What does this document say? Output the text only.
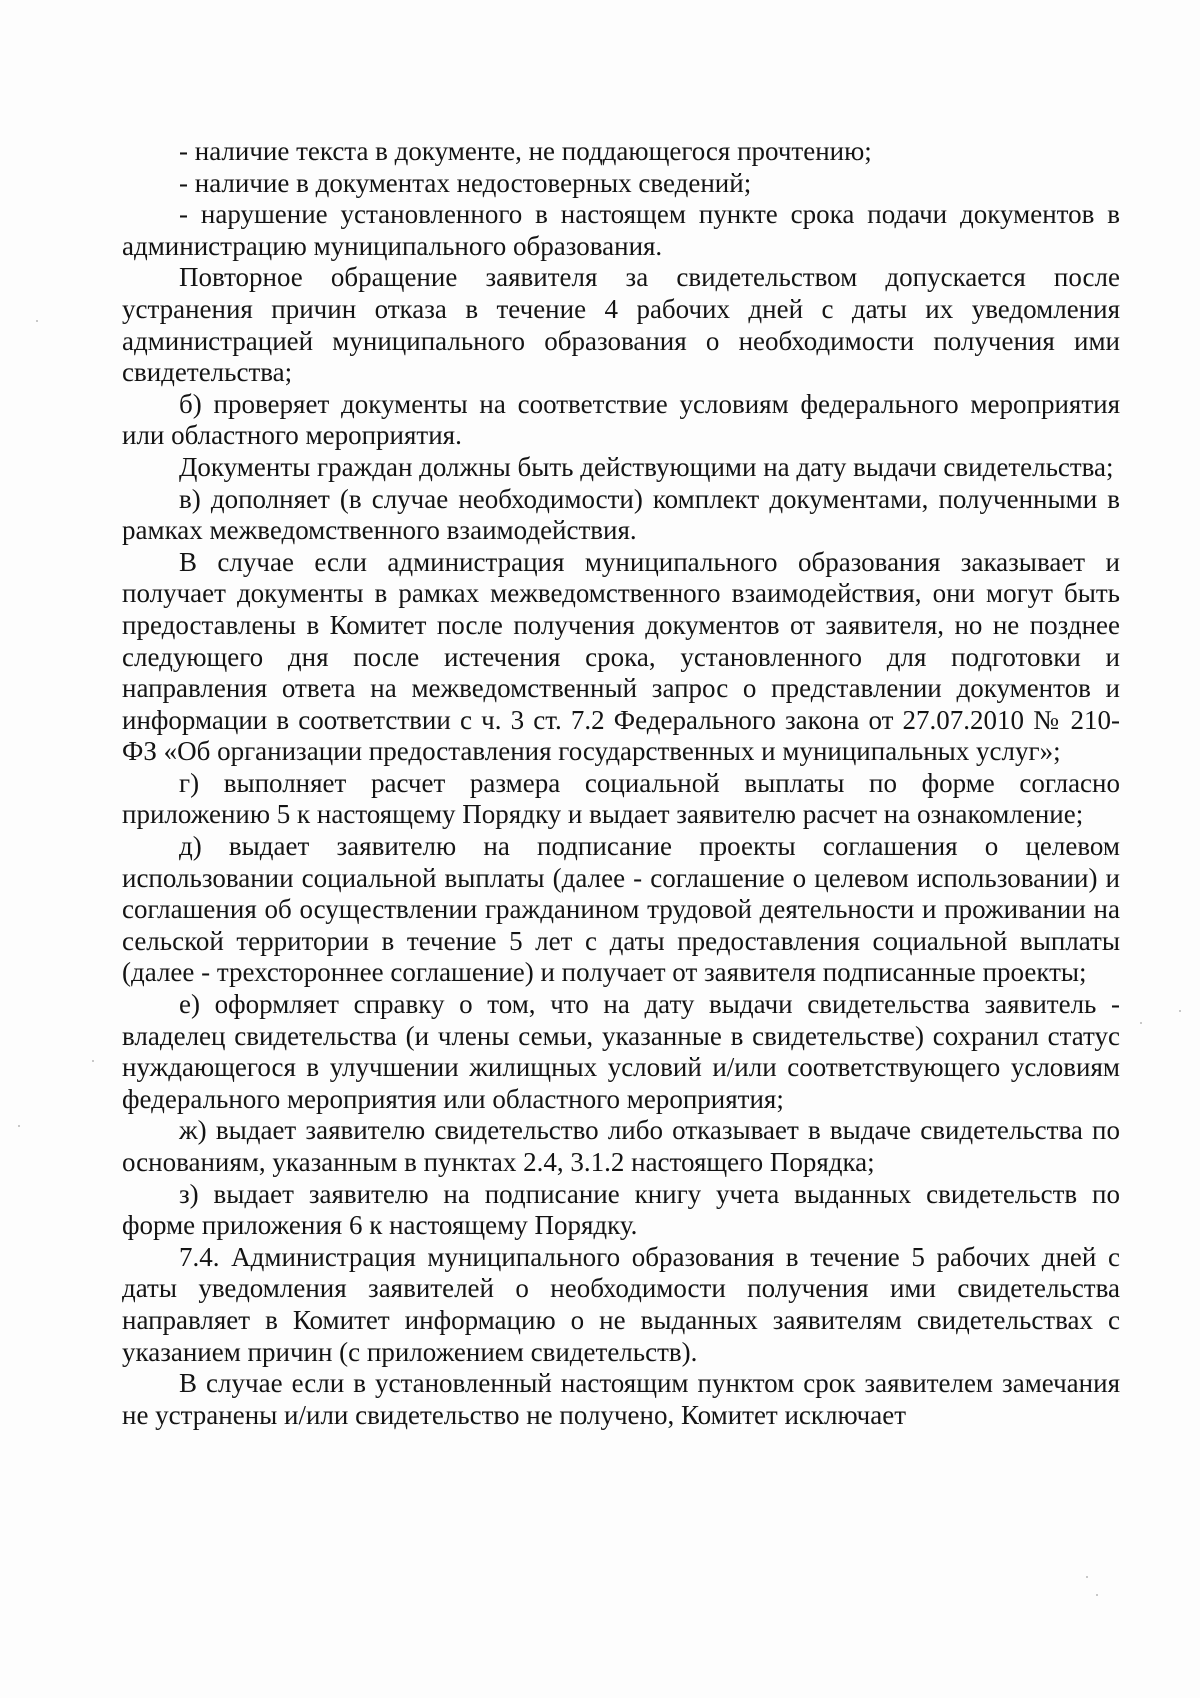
- наличие текста в документе, не поддающегося прочтению;

- наличие в документах недостоверных сведений;

- нарушение установленного в настоящем пункте срока подачи документов в администрацию муниципального образования.

Повторное обращение заявителя за свидетельством допускается после устранения причин отказа в течение 4 рабочих дней с даты их уведомления администрацией муниципального образования о необходимости получения ими свидетельства;

б) проверяет документы на соответствие условиям федерального мероприятия или областного мероприятия.

Документы граждан должны быть действующими на дату выдачи свидетельства;

в) дополняет (в случае необходимости) комплект документами, полученными в рамках межведомственного взаимодействия.

В случае если администрация муниципального образования заказывает и получает документы в рамках межведомственного взаимодействия, они могут быть предоставлены в Комитет после получения документов от заявителя, но не позднее следующего дня после истечения срока, установленного для подготовки и направления ответа на межведомственный запрос о представлении документов и информации в соответствии с ч. 3 ст. 7.2 Федерального закона от 27.07.2010 № 210-ФЗ «Об организации предоставления государственных и муниципальных услуг»;

г) выполняет расчет размера социальной выплаты по форме согласно приложению 5 к настоящему Порядку и выдает заявителю расчет на ознакомление;

д) выдает заявителю на подписание проекты соглашения о целевом использовании социальной выплаты (далее - соглашение о целевом использовании) и соглашения об осуществлении гражданином трудовой деятельности и проживании на сельской территории в течение 5 лет с даты предоставления социальной выплаты (далее - трехстороннее соглашение) и получает от заявителя подписанные проекты;

е) оформляет справку о том, что на дату выдачи свидетельства заявитель - владелец свидетельства (и члены семьи, указанные в свидетельстве) сохранил статус нуждающегося в улучшении жилищных условий и/или соответствующего условиям федерального мероприятия или областного мероприятия;

ж) выдает заявителю свидетельство либо отказывает в выдаче свидетельства по основаниям, указанным в пунктах 2.4, 3.1.2 настоящего Порядка;

з) выдает заявителю на подписание книгу учета выданных свидетельств по форме приложения 6 к настоящему Порядку.

7.4. Администрация муниципального образования в течение 5 рабочих дней с даты уведомления заявителей о необходимости получения ими свидетельства направляет в Комитет информацию о не выданных заявителям свидетельствах с указанием причин (с приложением свидетельств).

В случае если в установленный настоящим пунктом срок заявителем замечания не устранены и/или свидетельство не получено, Комитет исключает
